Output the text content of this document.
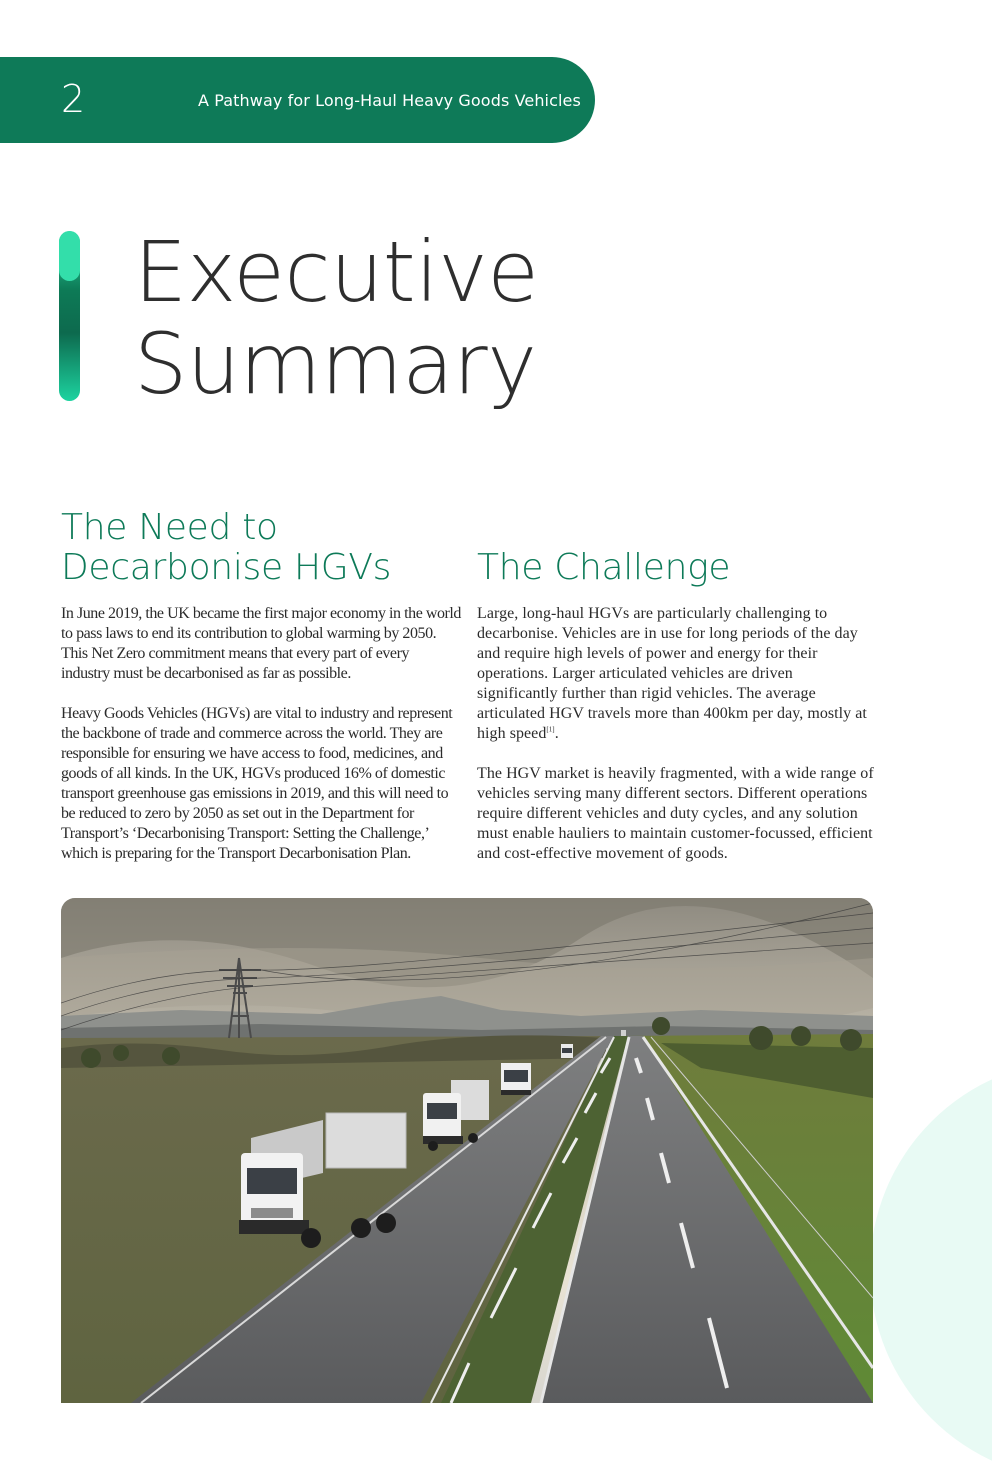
2	A Pathway for Long-Haul Heavy Goods Vehicles
Executive
Summary
The Need to
Decarbonise HGVs	The Challenge

In June 2019, the UK became the first major economy in the world to pass laws to end its contribution to global warming by 2050. This Net Zero commitment means that every part of every industry must be decarbonised as far as possible.

Heavy Goods Vehicles (HGVs) are vital to industry and represent the backbone of trade and commerce across the world. They are responsible for ensuring we have access to food, medicines, and goods of all kinds. In the UK, HGVs produced 16% of domestic transport greenhouse gas emissions in 2019, and this will need to be reduced to zero by 2050 as set out in the Department for Transport’s ‘Decarbonising Transport: Setting the Challenge,’ which is preparing for the Transport Decarbonisation Plan.

Large, long-haul HGVs are particularly challenging to decarbonise. Vehicles are in use for long periods of the day and require high levels of power and energy for their operations. Larger articulated vehicles are driven significantly further than rigid vehicles. The average articulated HGV travels more than 400km per day, mostly at high speed[1].

The HGV market is heavily fragmented, with a wide range of vehicles serving many different sectors. Different operations require different vehicles and duty cycles, and any solution must enable hauliers to maintain customer-focussed, efficient and cost-effective movement of goods.
